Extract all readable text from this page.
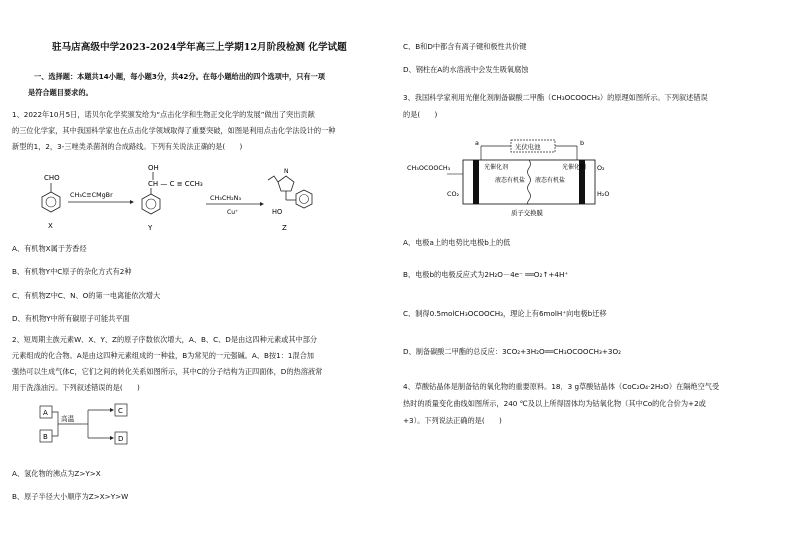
驻马店高级中学2023-2024学年高三上学期12月阶段检测 化学试题
一、选择题：本题共14小题，每小题3分，共42分。在每小题给出的四个选项中，只有一项
是符合题目要求的。
1、2022年10月5日，诺贝尔化学奖颁发给为“点击化学和生物正交化学的发展”做出了突出贡献
的三位化学家，其中我国科学家也在点击化学领域取得了重要突破，如图是利用点击化学法设计的一种
新型的1，2，3-三唑类杀菌剂的合成路线。下列有关说法正确的是(　　)
CHO
X
CH₃C≡CMgBr
OH
CH — C ≡ CCH₃
Y
CH₃CH₂N₃
Cu⁺
N
HO
Z
A、有机物X属于芳香烃
B、有机物Y中C原子的杂化方式有2种
C、有机物Z中C、N、O的第一电离能依次增大
D、有机物Y中所有碳原子可能共平面
2、短周期主族元素W、X、Y、Z的原子序数依次增大，A、B、C、D是由这四种元素或其中部分
元素组成的化合物。A是由这四种元素组成的一种盐，B为常见的一元强碱。A、B按1：1混合加
强热可以生成气体C，它们之间的转化关系如图所示，其中C的分子结构为正四面体，D的热溶液常
用于洗涤油污。下列叙述错误的是(　　)
A
B
高温
C
D
A、氢化物的沸点为Z>Y>X
B、原子半径大小顺序为Z>X>Y>W
C、B和D中都含有离子键和极性共价键
D、钢柱在A的水溶液中会发生吸氧腐蚀
3、我国科学家利用光催化剂制备碳酸二甲酯（CH₃OCOOCH₃）的原理如图所示。下列叙述错误
的是(　　)
光伏电池
a	b
光催化剂	光催化剂
液态有机盐 液态有机盐
质子交换膜
CH₃OCOOCH₃
CO₂
O₂
H₂O
A、电极a上的电势比电极b上的低
B、电极b的电极反应式为2H₂O－4e⁻ ══O₂↑+4H⁺
C、制得0.5molCH₃OCOOCH₃，理论上有6molH⁺向电极b迁移
D、制备碳酸二甲酯的总反应：3CO₂+3H₂O══CH₃OCOOCH₃+3O₂
4、草酸钴晶体是制备钴的氧化物的重要原料。18．3 g草酸钴晶体（CoC₂O₄·2H₂O）在隔绝空气受
热时的质量变化曲线如图所示，240 ℃及以上所得固体均为钴氧化物（其中Co的化合价为+2或
+3）。下列说法正确的是(　　)
